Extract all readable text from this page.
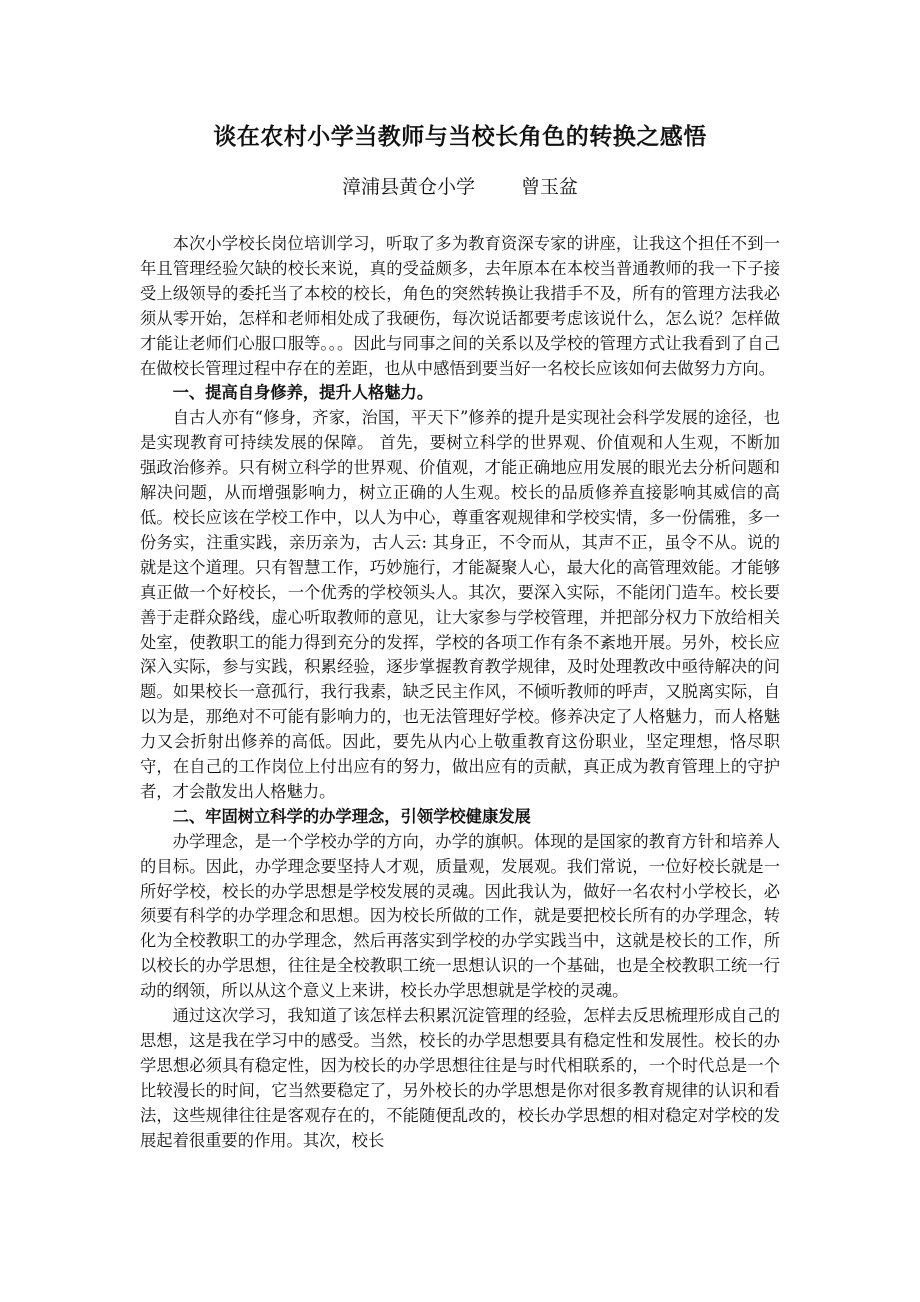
谈在农村小学当教师与当校长角色的转换之感悟
漳浦县黄仓小学 曾玉盆

本次小学校长岗位培训学习，听取了多为教育资深专家的讲座，让我这个担任不到一年且管理经验欠缺的校长来说，真的受益颇多，去年原本在本校当普通教师的我一下子接受上级领导的委托当了本校的校长，角色的突然转换让我措手不及，所有的管理方法我必须从零开始，怎样和老师相处成了我硬伤，每次说话都要考虑该说什么，怎么说？怎样做才能让老师们心服口服等。。。因此与同事之间的关系以及学校的管理方式让我看到了自己在做校长管理过程中存在的差距，也从中感悟到要当好一名校长应该如何去做努力方向。

一、提高自身修养，提升人格魅力。

自古人亦有“修身，齐家，治国，平天下”修养的提升是实现社会科学发展的途径，也是实现教育可持续发展的保障。 首先，要树立科学的世界观、价值观和人生观，不断加强政治修养。只有树立科学的世界观、价值观，才能正确地应用发展的眼光去分析问题和解决问题，从而增强影响力，树立正确的人生观。校长的品质修养直接影响其威信的高低。校长应该在学校工作中，以人为中心，尊重客观规律和学校实情，多一份儒雅，多一份务实，注重实践，亲历亲为，古人云: 其身正，不令而从，其声不正，虽令不从。说的就是这个道理。只有智慧工作，巧妙施行，才能凝聚人心，最大化的高管理效能。才能够真正做一个好校长，一个优秀的学校领头人。其次，要深入实际，不能闭门造车。校长要善于走群众路线，虚心听取教师的意见，让大家参与学校管理，并把部分权力下放给相关处室，使教职工的能力得到充分的发挥，学校的各项工作有条不紊地开展。另外，校长应深入实际，参与实践，积累经验，逐步掌握教育教学规律，及时处理教改中亟待解决的问题。如果校长一意孤行，我行我素，缺乏民主作风，不倾听教师的呼声，又脱离实际，自以为是，那绝对不可能有影响力的，也无法管理好学校。修养决定了人格魅力，而人格魅力又会折射出修养的高低。因此，要先从内心上敬重教育这份职业，坚定理想，恪尽职守，在自己的工作岗位上付出应有的努力，做出应有的贡献，真正成为教育管理上的守护者，才会散发出人格魅力。

二、牢固树立科学的办学理念，引领学校健康发展

办学理念，是一个学校办学的方向，办学的旗帜。体现的是国家的教育方针和培养人的目标。因此，办学理念要坚持人才观，质量观，发展观。我们常说，一位好校长就是一所好学校，校长的办学思想是学校发展的灵魂。因此我认为，做好一名农村小学校长，必须要有科学的办学理念和思想。因为校长所做的工作，就是要把校长所有的办学理念，转化为全校教职工的办学理念，然后再落实到学校的办学实践当中，这就是校长的工作，所以校长的办学思想，往往是全校教职工统一思想认识的一个基础，也是全校教职工统一行动的纲领，所以从这个意义上来讲，校长办学思想就是学校的灵魂。

通过这次学习，我知道了该怎样去积累沉淀管理的经验，怎样去反思梳理形成自己的思想，这是我在学习中的感受。当然，校长的办学思想要具有稳定性和发展性。校长的办学思想必须具有稳定性，因为校长的办学思想往往是与时代相联系的，一个时代总是一个比较漫长的时间，它当然要稳定了，另外校长的办学思想是你对很多教育规律的认识和看法，这些规律往往是客观存在的，不能随便乱改的，校长办学思想的相对稳定对学校的发展起着很重要的作用。其次，校长
